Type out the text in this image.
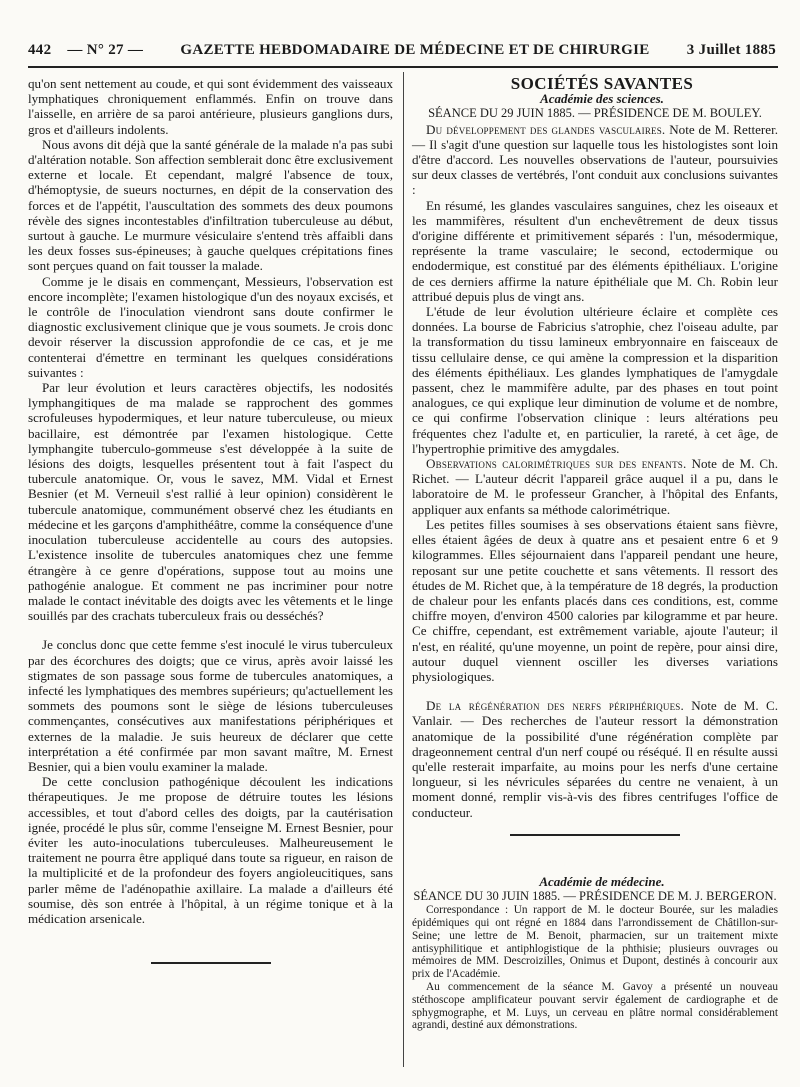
442 — N° 27 — GAZETTE HEBDOMADAIRE DE MÉDECINE ET DE CHIRURGIE 3 Juillet 1885

qu'on sent nettement au coude, et qui sont évidemment des vaisseaux lymphatiques chroniquement enflammés. Enfin on trouve dans l'aisselle, en arrière de sa paroi antérieure, plusieurs ganglions durs, gros et d'ailleurs indolents.

Nous avons dit déjà que la santé générale de la malade n'a pas subi d'altération notable. Son affection semblerait donc être exclusivement externe et locale. Et cependant, malgré l'absence de toux, d'hémoptysie, de sueurs nocturnes, en dépit de la conservation des forces et de l'appétit, l'auscultation des sommets des deux poumons révèle des signes incontestables d'infiltration tuberculeuse au début, surtout à gauche. Le murmure vésiculaire s'entend très affaibli dans les deux fosses sus-épineuses; à gauche quelques crépitations fines sont perçues quand on fait tousser la malade.

Comme je le disais en commençant, Messieurs, l'observation est encore incomplète; l'examen histologique d'un des noyaux excisés, et le contrôle de l'inoculation viendront sans doute confirmer le diagnostic exclusivement clinique que je vous soumets. Je crois donc devoir réserver la discussion approfondie de ce cas, et je me contenterai d'émettre en terminant les quelques considérations suivantes :

Par leur évolution et leurs caractères objectifs, les nodosités lymphangitiques de ma malade se rapprochent des gommes scrofuleuses hypodermiques, et leur nature tuberculeuse, ou mieux bacillaire, est démontrée par l'examen histologique. Cette lymphangite tuberculo-gommeuse s'est développée à la suite de lésions des doigts, lesquelles présentent tout à fait l'aspect du tubercule anatomique. Or, vous le savez, MM. Vidal et Ernest Besnier (et M. Verneuil s'est rallié à leur opinion) considèrent le tubercule anatomique, communément observé chez les étudiants en médecine et les garçons d'amphithéâtre, comme la conséquence d'une inoculation tuberculeuse accidentelle au cours des autopsies. L'existence insolite de tubercules anatomiques chez une femme étrangère à ce genre d'opérations, suppose tout au moins une pathogénie analogue. Et comment ne pas incriminer pour notre malade le contact inévitable des doigts avec les vêtements et le linge souillés par des crachats tuberculeux frais ou desséchés?

Je conclus donc que cette femme s'est inoculé le virus tuberculeux par des écorchures des doigts; que ce virus, après avoir laissé les stigmates de son passage sous forme de tubercules anatomiques, a infecté les lymphatiques des membres supérieurs; qu'actuellement les sommets des poumons sont le siège de lésions tuberculeuses commençantes, consécutives aux manifestations périphériques et externes de la maladie. Je suis heureux de déclarer que cette interprétation a été confirmée par mon savant maître, M. Ernest Besnier, qui a bien voulu examiner la malade.

De cette conclusion pathogénique découlent les indications thérapeutiques. Je me propose de détruire toutes les lésions accessibles, et tout d'abord celles des doigts, par la cautérisation ignée, procédé le plus sûr, comme l'enseigne M. Ernest Besnier, pour éviter les auto-inoculations tuberculeuses. Malheureusement le traitement ne pourra être appliqué dans toute sa rigueur, en raison de la multiplicité et de la profondeur des foyers angioleucitiques, sans parler même de l'adénopathie axillaire. La malade a d'ailleurs été soumise, dès son entrée à l'hôpital, à un régime tonique et à la médication arsenicale.

SOCIÉTÉS SAVANTES

Académie des sciences.

SÉANCE DU 29 JUIN 1885. — PRÉSIDENCE DE M. BOULEY.

Du développement des glandes vasculaires. Note de M. Retterer. — Il s'agit d'une question sur laquelle tous les histologistes sont loin d'être d'accord. Les nouvelles observations de l'auteur, poursuivies sur deux classes de vertébrés, l'ont conduit aux conclusions suivantes :

En résumé, les glandes vasculaires sanguines, chez les oiseaux et les mammifères, résultent d'un enchevêtrement de deux tissus d'origine différente et primitivement séparés : l'un, mésodermique, représente la trame vasculaire; le second, ectodermique ou endodermique, est constitué par des éléments épithéliaux. L'origine de ces derniers affirme la nature épithéliale que M. Ch. Robin leur attribué depuis plus de vingt ans.

L'étude de leur évolution ultérieure éclaire et complète ces données. La bourse de Fabricius s'atrophie, chez l'oiseau adulte, par la transformation du tissu lamineux embryonnaire en faisceaux de tissu cellulaire dense, ce qui amène la compression et la disparition des éléments épithéliaux. Les glandes lymphatiques de l'amygdale passent, chez le mammifère adulte, par des phases en tout point analogues, ce qui explique leur diminution de volume et de nombre, ce qui confirme l'observation clinique : leurs altérations peu fréquentes chez l'adulte et, en particulier, la rareté, à cet âge, de l'hypertrophie primitive des amygdales.

Observations calorimétriques sur des enfants. Note de M. Ch. Richet. — L'auteur décrit l'appareil grâce auquel il a pu, dans le laboratoire de M. le professeur Grancher, à l'hôpital des Enfants, appliquer aux enfants sa méthode calorimétrique.

Les petites filles soumises à ses observations étaient sans fièvre, elles étaient âgées de deux à quatre ans et pesaient entre 6 et 9 kilogrammes. Elles séjournaient dans l'appareil pendant une heure, reposant sur une petite couchette et sans vêtements. Il ressort des études de M. Richet que, à la température de 18 degrés, la production de chaleur pour les enfants placés dans ces conditions, est, comme chiffre moyen, d'environ 4500 calories par kilogramme et par heure. Ce chiffre, cependant, est extrêmement variable, ajoute l'auteur; il n'est, en réalité, qu'une moyenne, un point de repère, pour ainsi dire, autour duquel viennent osciller les diverses variations physiologiques.

De la régénération des nerfs périphériques. Note de M. C. Vanlair. — Des recherches de l'auteur ressort la démonstration anatomique de la possibilité d'une régénération complète par drageonnement central d'un nerf coupé ou réséqué. Il en résulte aussi qu'elle resterait imparfaite, au moins pour les nerfs d'une certaine longueur, si les névricules séparées du centre ne venaient, à un moment donné, remplir vis-à-vis des fibres centrifuges l'office de conducteur.

Académie de médecine.

SÉANCE DU 30 JUIN 1885. — PRÉSIDENCE DE M. J. BERGERON.

Correspondance : Un rapport de M. le docteur Bourée, sur les maladies épidémiques qui ont régné en 1884 dans l'arrondissement de Châtillon-sur-Seine; une lettre de M. Benoit, pharmacien, sur un traitement mixte antisyphilitique et antiphlogistique de la phthisie; plusieurs ouvrages ou mémoires de MM. Descroizilles, Onimus et Dupont, destinés à concourir aux prix de l'Académie.

Au commencement de la séance M. Gavoy a présenté un nouveau stéthoscope amplificateur pouvant servir également de cardiographe et de sphygmographe, et M. Luys, un cerveau en plâtre normal considérablement agrandi, destiné aux démonstrations.
